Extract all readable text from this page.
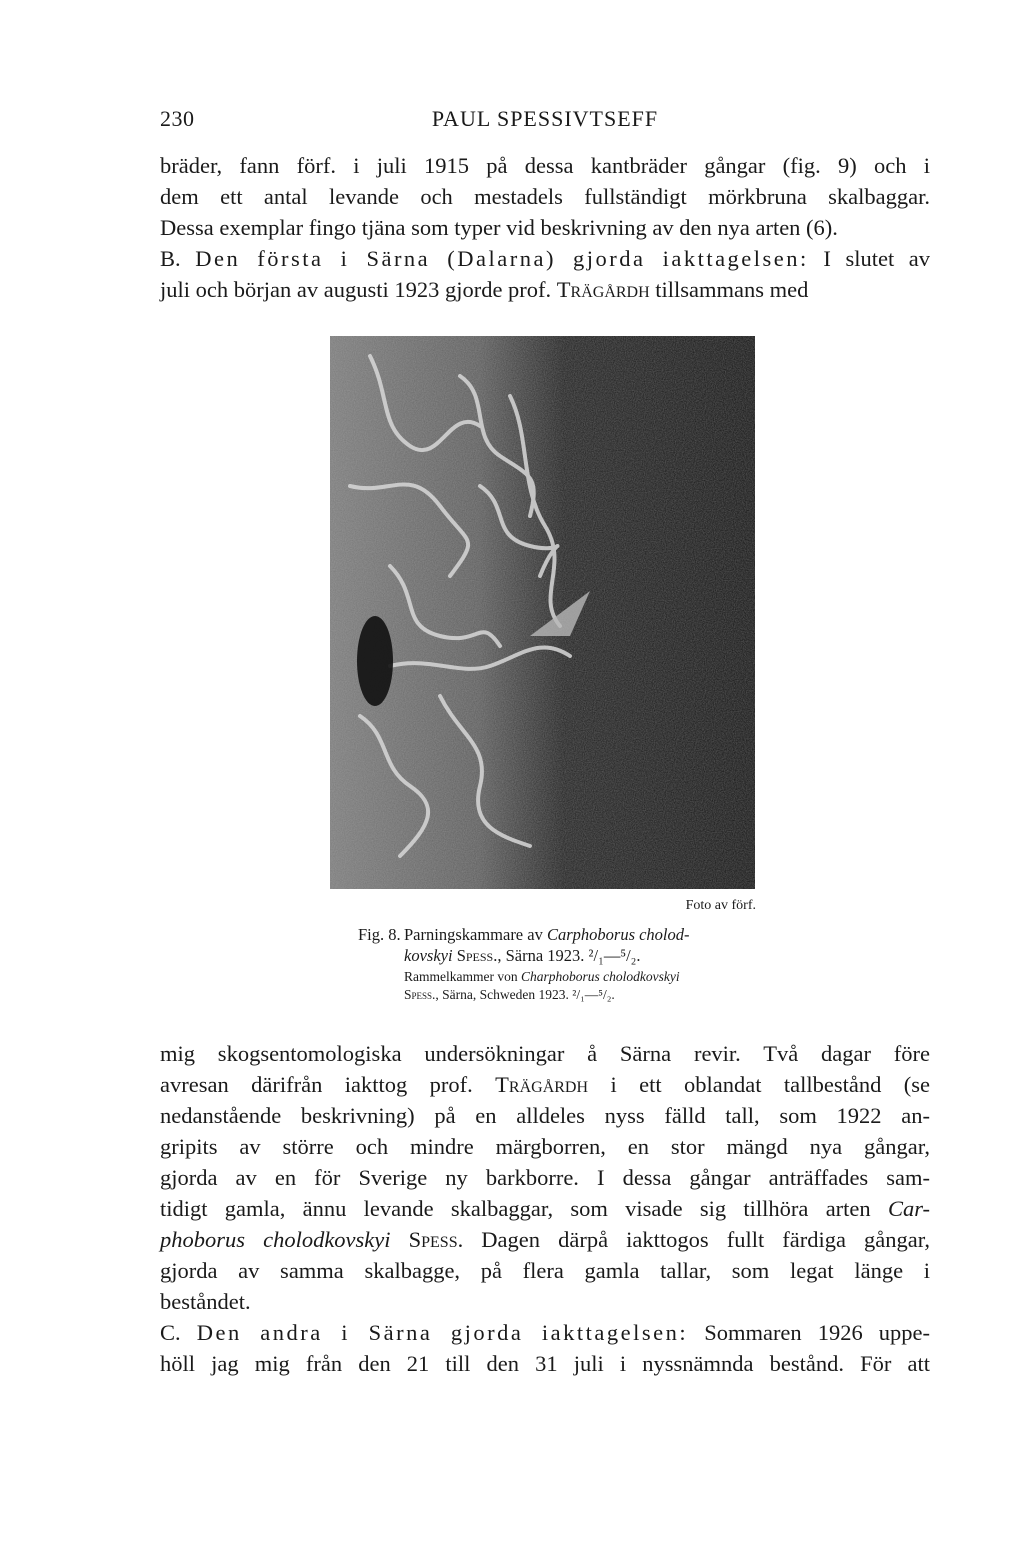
230	PAUL SPESSIVTSEFF
bräder, fann förf. i juli 1915 på dessa kantbräder gångar (fig. 9) och i
dem ett antal levande och mestadels fullständigt mörkbruna skalbaggar.
Dessa exemplar fingo tjäna som typer vid beskrivning av den nya arten (6).
B. Den första i Särna (Dalarna) gjorda iakttagelsen: I slutet av
juli och början av augusti 1923 gjorde prof. Trägårdh tillsammans med
Foto av förf.
Fig. 8. Parningskammare av Carphoborus cholod-
kovskyi Spess., Särna 1923. ²/₁—⁵/₂.
Rammelkammer von Charphoborus cholodkovskyi
Spess., Särna, Schweden 1923. ²/₁—⁵/₂.
mig skogsentomologiska undersökningar å Särna revir. Två dagar före
avresan därifrån iakttog prof. Trägårdh i ett oblandat tallbestånd (se
nedanstående beskrivning) på en alldeles nyss fälld tall, som 1922 an-
gripits av större och mindre märgborren, en stor mängd nya gångar,
gjorda av en för Sverige ny barkborre. I dessa gångar anträffades sam-
tidigt gamla, ännu levande skalbaggar, som visade sig tillhöra arten Car-
phoborus cholodkovskyi Spess. Dagen därpå iakttogos fullt färdiga gångar,
gjorda av samma skalbagge, på flera gamla tallar, som legat länge i
beståndet.
C. Den andra i Särna gjorda iakttagelsen: Sommaren 1926 uppe-
höll jag mig från den 21 till den 31 juli i nyssnämnda bestånd. För att
